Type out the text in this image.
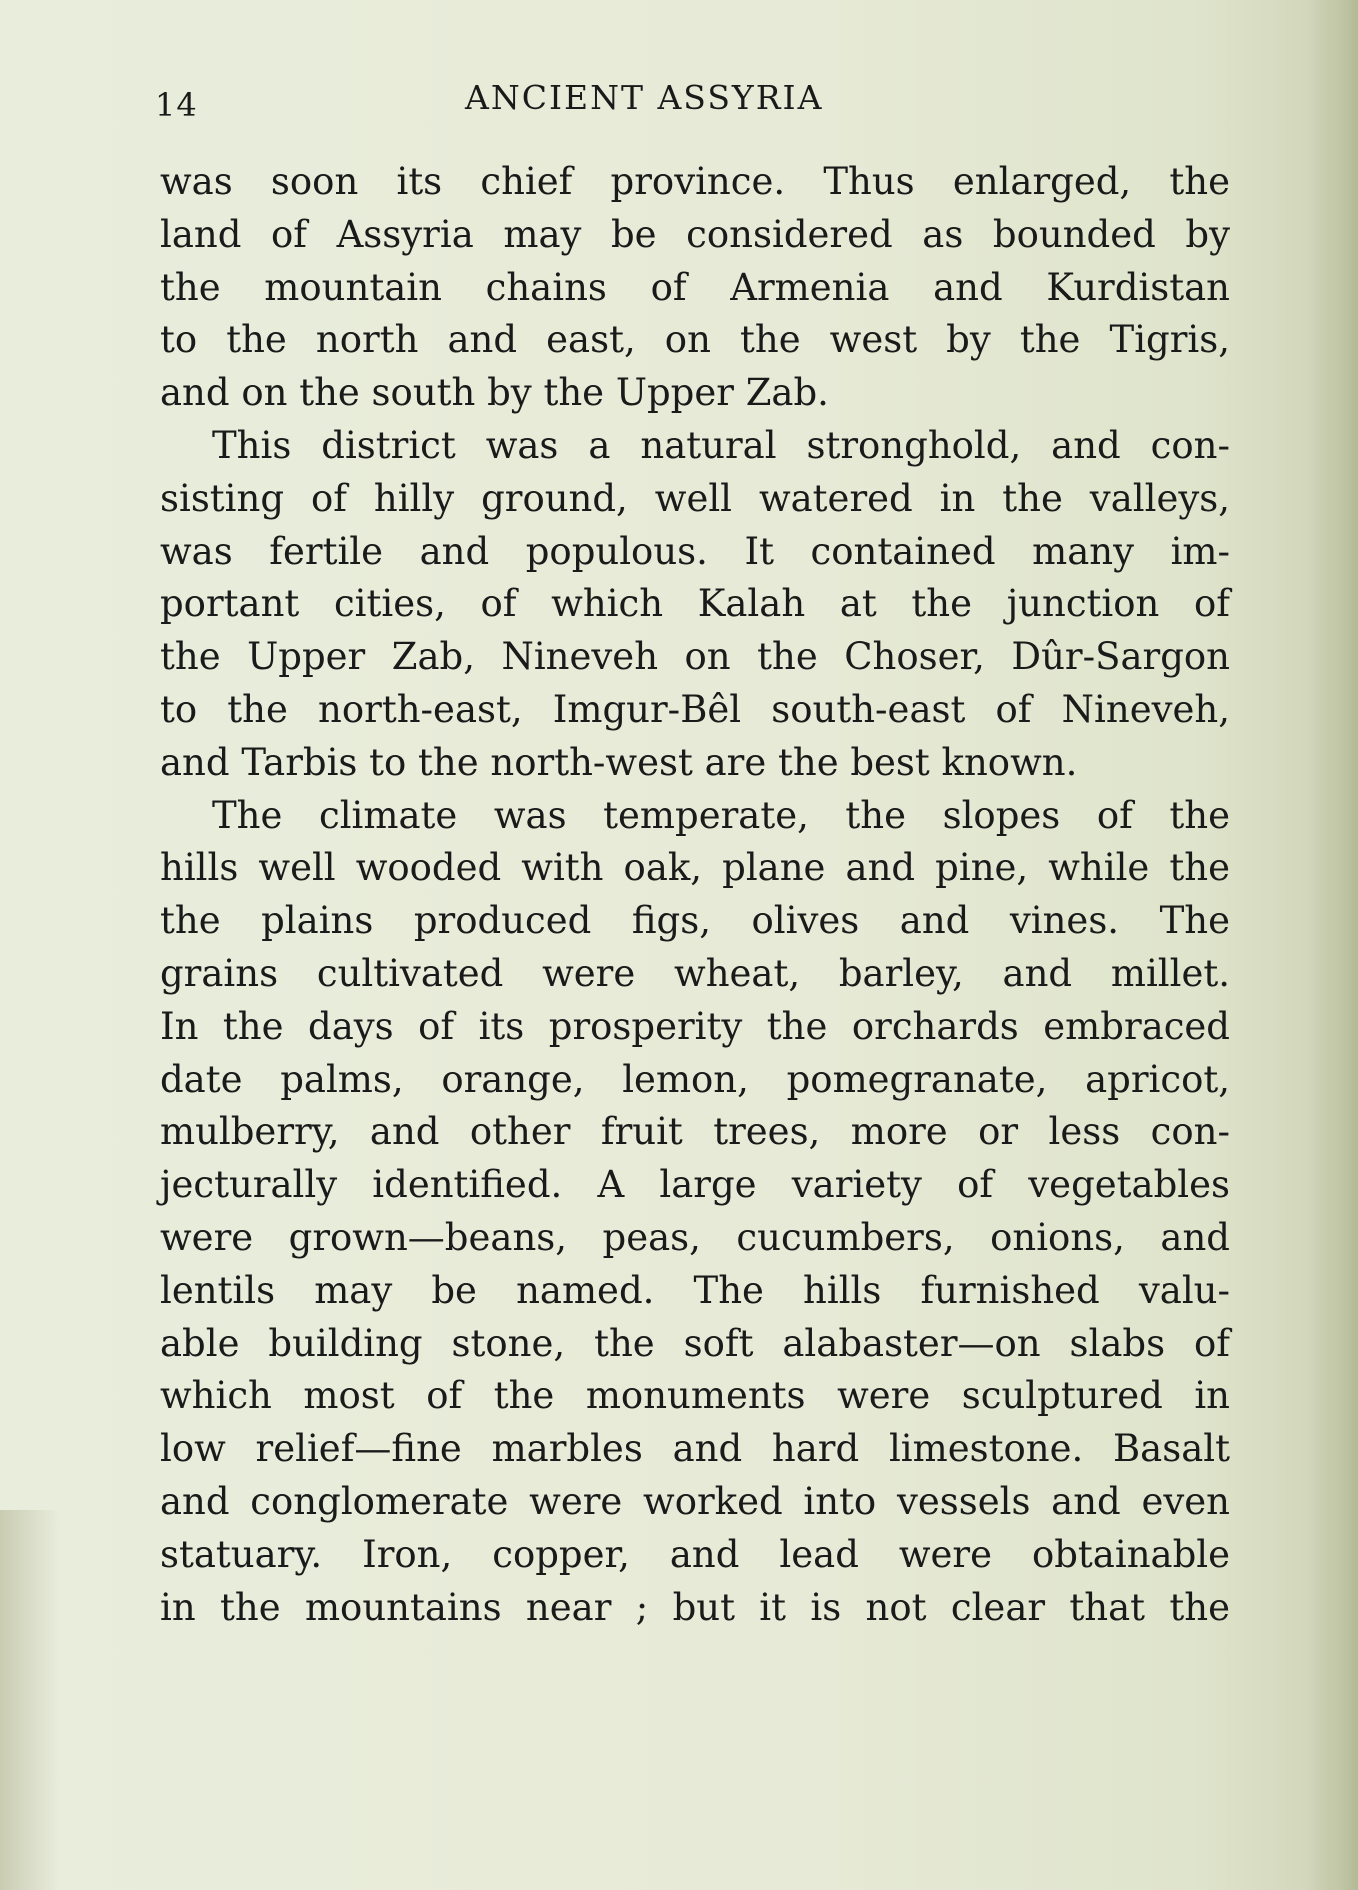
14	ANCIENT ASSYRIA
was soon its chief province. Thus enlarged, the
land of Assyria may be considered as bounded by
the mountain chains of Armenia and Kurdistan
to the north and east, on the west by the Tigris,
and on the south by the Upper Zab.
This district was a natural stronghold, and con-
sisting of hilly ground, well watered in the valleys,
was fertile and populous. It contained many im-
portant cities, of which Kalah at the junction of
the Upper Zab, Nineveh on the Choser, Dûr-Sargon
to the north-east, Imgur-Bêl south-east of Nineveh,
and Tarbis to the north-west are the best known.
The climate was temperate, the slopes of the
hills well wooded with oak, plane and pine, while the
the plains produced figs, olives and vines. The
grains cultivated were wheat, barley, and millet.
In the days of its prosperity the orchards embraced
date palms, orange, lemon, pomegranate, apricot,
mulberry, and other fruit trees, more or less con-
jecturally identified. A large variety of vegetables
were grown—beans, peas, cucumbers, onions, and
lentils may be named. The hills furnished valu-
able building stone, the soft alabaster—on slabs of
which most of the monuments were sculptured in
low relief—fine marbles and hard limestone. Basalt
and conglomerate were worked into vessels and even
statuary. Iron, copper, and lead were obtainable
in the mountains near ; but it is not clear that the
